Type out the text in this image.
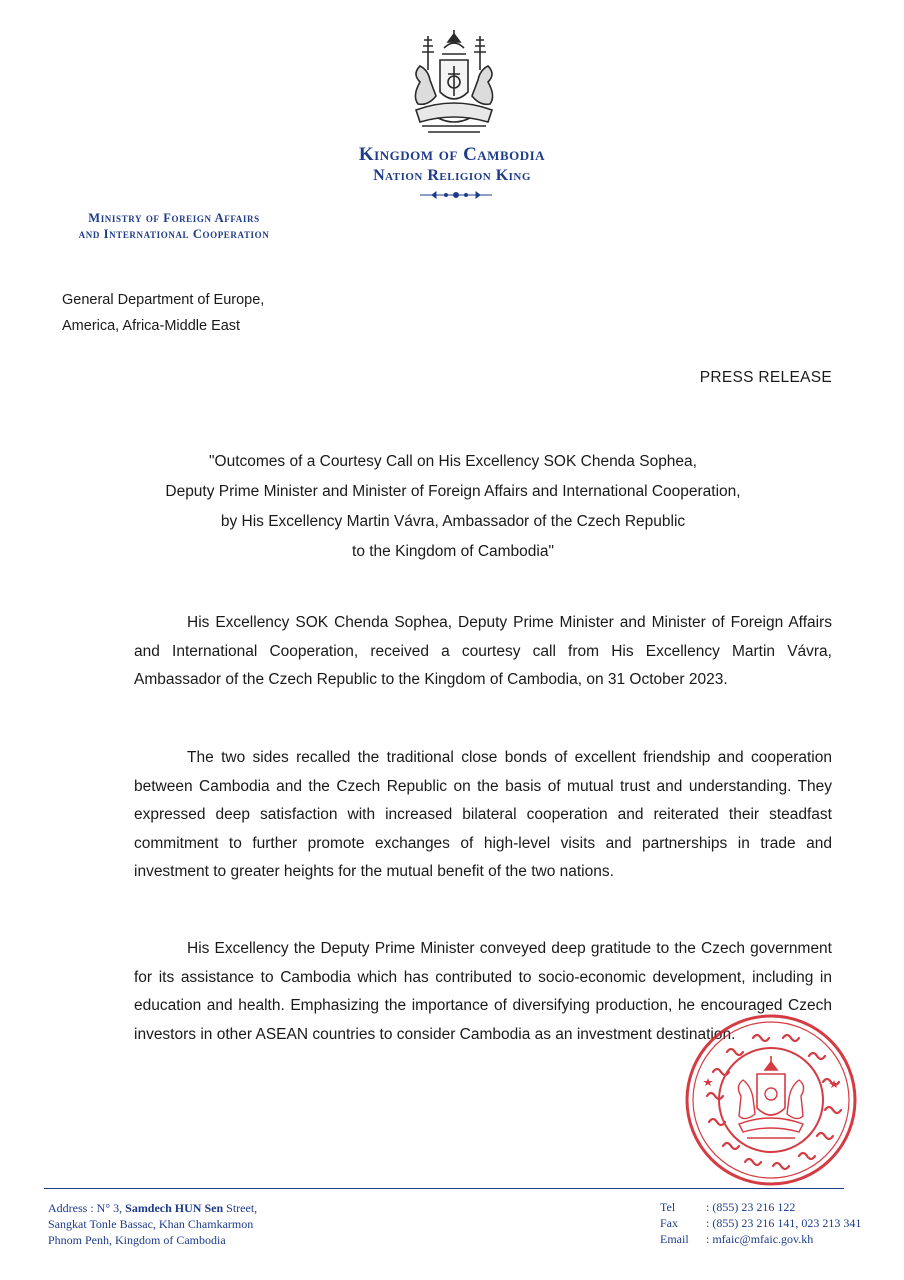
Kingdom of Cambodia
Nation Religion King
Ministry of Foreign Affairs
and International Cooperation
General Department of Europe,
America, Africa-Middle East
PRESS RELEASE
"Outcomes of a Courtesy Call on His Excellency SOK Chenda Sophea,
Deputy Prime Minister and Minister of Foreign Affairs and International Cooperation,
by His Excellency Martin Vávra, Ambassador of the Czech Republic
to the Kingdom of Cambodia"

His Excellency SOK Chenda Sophea, Deputy Prime Minister and Minister of Foreign Affairs and International Cooperation, received a courtesy call from His Excellency Martin Vávra, Ambassador of the Czech Republic to the Kingdom of Cambodia, on 31 October 2023.

The two sides recalled the traditional close bonds of excellent friendship and cooperation between Cambodia and the Czech Republic on the basis of mutual trust and understanding. They expressed deep satisfaction with increased bilateral cooperation and reiterated their steadfast commitment to further promote exchanges of high-level visits and partnerships in trade and investment to greater heights for the mutual benefit of the two nations.

His Excellency the Deputy Prime Minister conveyed deep gratitude to the Czech government for its assistance to Cambodia which has contributed to socio-economic development, including in education and health. Emphasizing the importance of diversifying production, he encouraged Czech investors in other ASEAN countries to consider Cambodia as an investment destination.

Address : N° 3, Samdech HUN Sen Street,
Sangkat Tonle Bassac, Khan Chamkarmon
Phnom Penh, Kingdom of Cambodia
Tel	: (855) 23 216 122
Fax	: (855) 23 216 141, 023 213 341
Email	: mfaic@mfaic.gov.kh
